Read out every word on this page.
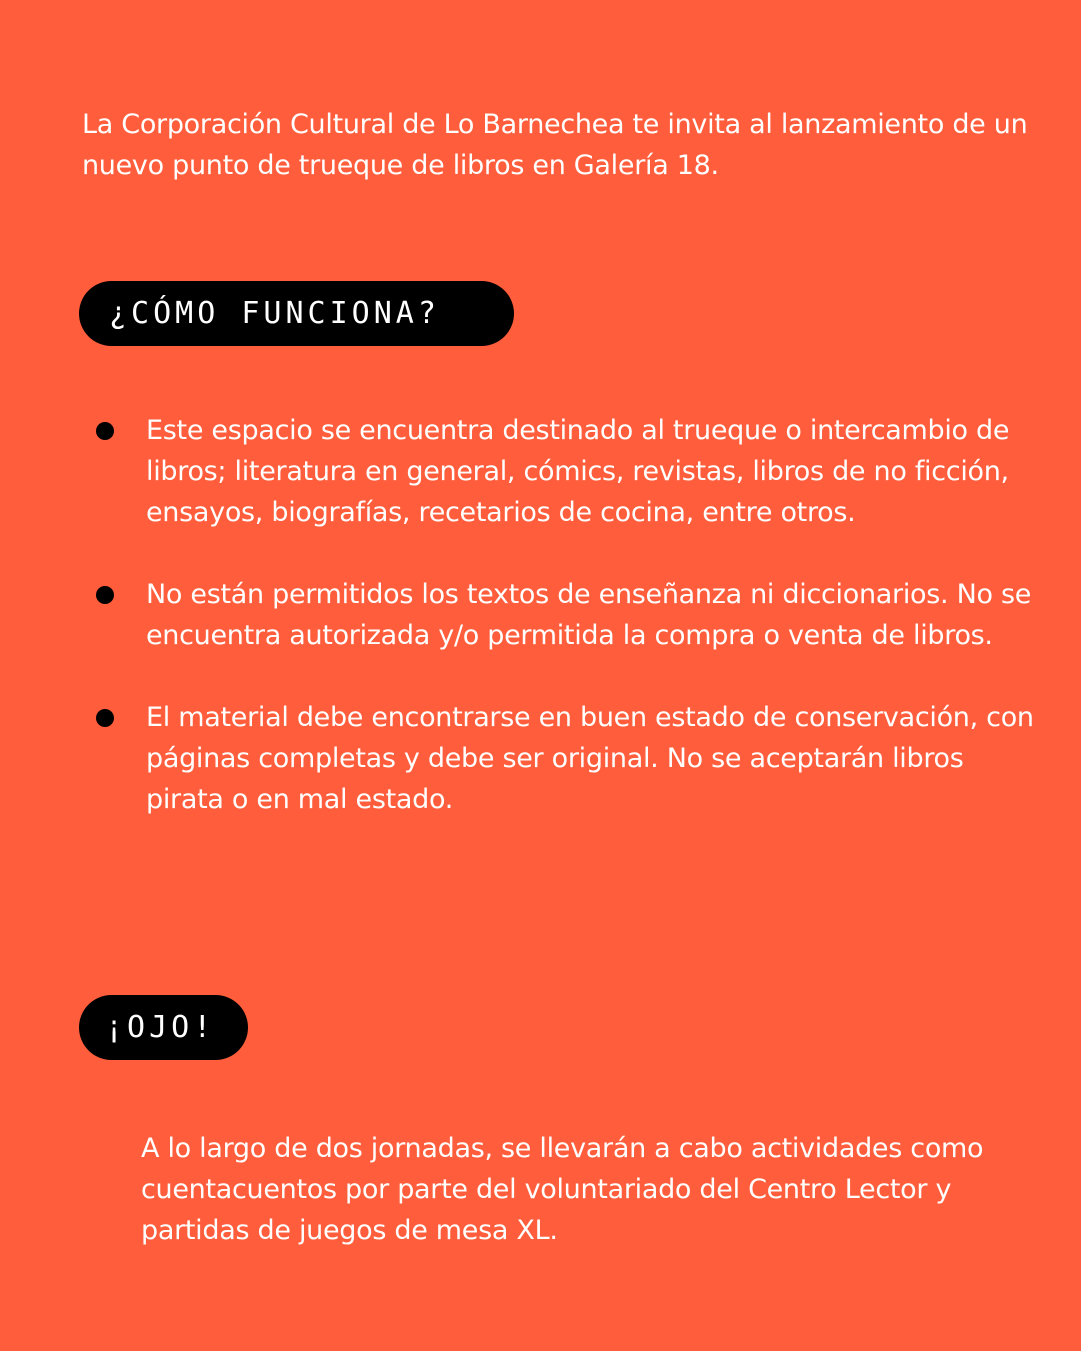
La Corporación Cultural de Lo Barnechea te invita al lanzamiento de un nuevo punto de trueque de libros en Galería 18.

¿CÓMO FUNCIONA?
Este espacio se encuentra destinado al trueque o intercambio de libros; literatura en general, cómics, revistas, libros de no ficción, ensayos, biografías, recetarios de cocina, entre otros.
No están permitidos los textos de enseñanza ni diccionarios. No se encuentra autorizada y/o permitida la compra o venta de libros.
El material debe encontrarse en buen estado de conservación, con páginas completas y debe ser original. No se aceptarán libros pirata o en mal estado.
¡OJO!

A lo largo de dos jornadas, se llevarán a cabo actividades como cuentacuentos por parte del voluntariado del Centro Lector y partidas de juegos de mesa XL.
